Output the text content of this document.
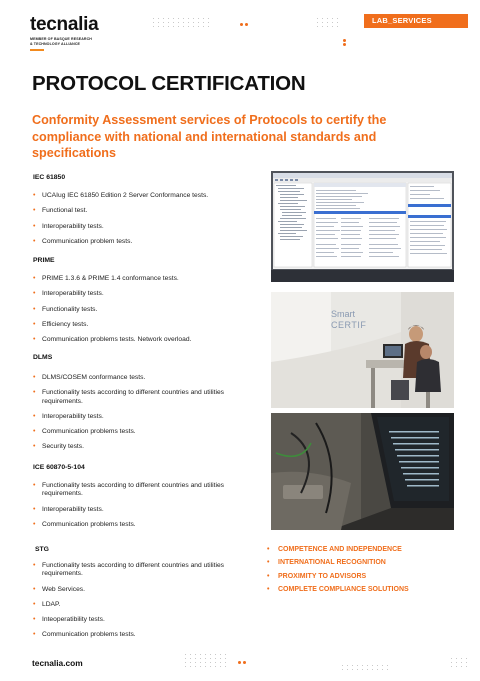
tecnalia
MEMBER OF BASQUE RESEARCH
& TECHNOLOGY ALLIANCE
LAB_SERVICES
PROTOCOL CERTIFICATION
Conformity Assessment services of Protocols to certify the compliance with national and international standards and specifications
IEC 61850
• UCAIug IEC 61850 Edition 2 Server Conformance tests.
• Functional test.
• Interoperability tests.
• Communication problem tests.
PRIME
• PRIME 1.3.6 & PRIME 1.4 conformance tests.
• Interoperability tests.
• Functionality tests.
• Efficiency tests.
• Communication problems tests. Network overload.
DLMS
• DLMS/COSEM conformance tests.
• Functionality tests according to different countries and utilities requirements.
• Interoperability tests.
• Communication problems tests.
• Security tests.
ICE 60870-5-104
• Functionality tests according to different countries and utilities requirements.
• Interoperability tests.
• Communication problems tests.
STG
• Functionality tests according to different countries and utilities requirements.
• Web Services.
• LDAP.
• Inteoperatibility tests.
• Communication problems tests.
Smart
CERTIF
• COMPETENCE AND INDEPENDENCE
• INTERNATIONAL RECOGNITION
• PROXIMITY TO ADVISORS
• COMPLETE COMPLIANCE SOLUTIONS
tecnalia.com
